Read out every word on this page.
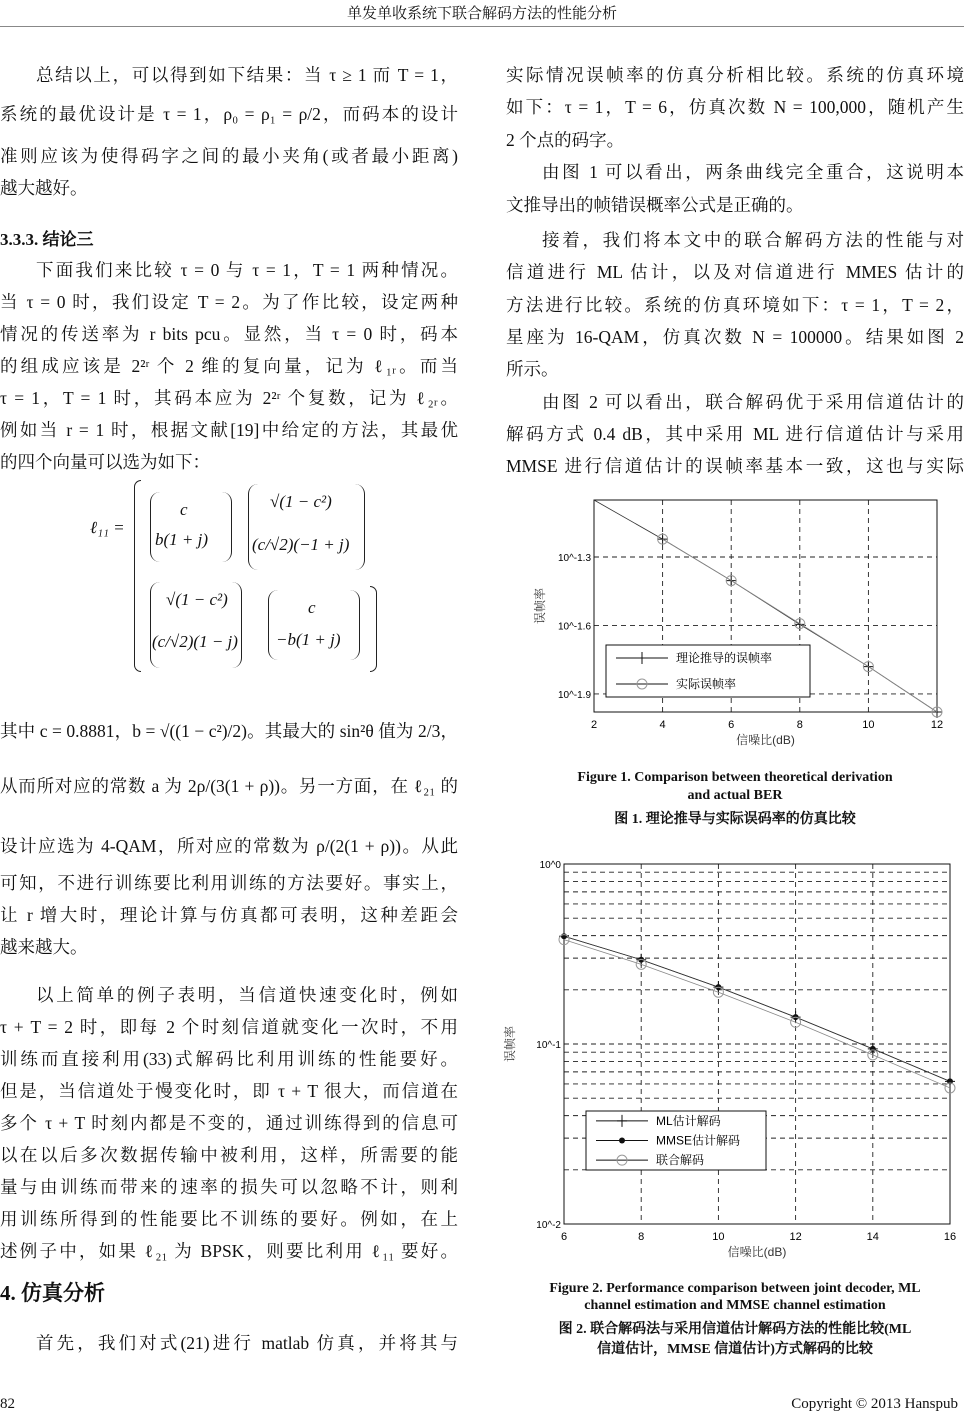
单发单收系统下联合解码方法的性能分析
总结以上，可以得到如下结果：当 τ ≥ 1 而 T = 1，
系统的最优设计是 τ = 1，ρ₀ = ρ₁ = ρ/2，而码本的设计
准则应该为使得码字之间的最小夹角(或者最小距离)
越大越好。
3.3.3. 结论三
下面我们来比较 τ = 0 与 τ = 1，T = 1 两种情况。
当 τ = 0 时，我们设定 T = 2。为了作比较，设定两种
情况的传送率为 r bits pcu。显然，当 τ = 0 时，码本
的组成应该是 2²ʳ 个 2 维的复向量，记为 ℓ₁ᵣ。而当
τ = 1，T = 1 时，其码本应为 2²ʳ 个复数，记为 ℓ₂ᵣ。
例如当 r = 1 时，根据文献[19]中给定的方法，其最优
的四个向量可以选为如下：
ℓ₁₁ =
c
b(1 + j)
√(1 − c²)
(c/√2)(−1 + j)
√(1 − c²)
(c/√2)(1 − j)
c
−b(1 + j)
其中 c = 0.8881，b = √((1 − c²)/2)。其最大的 sin²θ 值为 2/3，
从而所对应的常数 a 为 2ρ/(3(1 + ρ))。另一方面，在 ℓ₂₁ 的
设计应选为 4-QAM，所对应的常数为 ρ/(2(1 + ρ))。从此
可知，不进行训练要比利用训练的方法要好。事实上，
让 r 增大时，理论计算与仿真都可表明，这种差距会
越来越大。
以上简单的例子表明，当信道快速变化时，例如
τ + T = 2 时，即每 2 个时刻信道就变化一次时，不用
训练而直接利用(33)式解码比利用训练的性能要好。
但是，当信道处于慢变化时，即 τ + T 很大，而信道在
多个 τ + T 时刻内都是不变的，通过训练得到的信息可
以在以后多次数据传输中被利用，这样，所需要的能
量与由训练而带来的速率的损失可以忽略不计，则利
用训练所得到的性能要比不训练的要好。例如，在上
述例子中，如果 ℓ₂₁ 为 BPSK，则要比利用 ℓ₁₁ 要好。
4. 仿真分析
首先，我们对式(21)进行 matlab 仿真，并将其与
实际情况误帧率的仿真分析相比较。系统的仿真环境
如下：τ = 1，T = 6，仿真次数 N = 100,000，随机产生
2 个点的码字。
由图 1 可以看出，两条曲线完全重合，这说明本
文推导出的帧错误概率公式是正确的。
接着，我们将本文中的联合解码方法的性能与对
信道进行 ML 估计，以及对信道进行 MMES 估计的
方法进行比较。系统的仿真环境如下：τ = 1，T = 2，
星座为 16-QAM，仿真次数 N = 100000。结果如图 2
所示。
由图 2 可以看出，联合解码优于采用信道估计的
解码方式 0.4 dB，其中采用 ML 进行信道估计与采用
MMSE 进行信道估计的误帧率基本一致，这也与实际
2	4	6	8	10	12
10^-1.3
10^-1.6
10^-1.9
信噪比(dB)
误帧率
理论推导的误帧率
实际误帧率
Figure 1. Comparison between theoretical derivation
and actual BER
图 1. 理论推导与实际误码率的仿真比较
6	8	10	12	14	16
10^0
10^-1
10^-2
信噪比(dB)
误帧率
ML估计解码
MMSE估计解码
联合解码
Figure 2. Performance comparison between joint decoder, ML
channel estimation and MMSE channel estimation
图 2. 联合解码法与采用信道估计解码方法的性能比较(ML
信道估计，MMSE 信道估计)方式解码的比较
82	Copyright © 2013 Hanspub
